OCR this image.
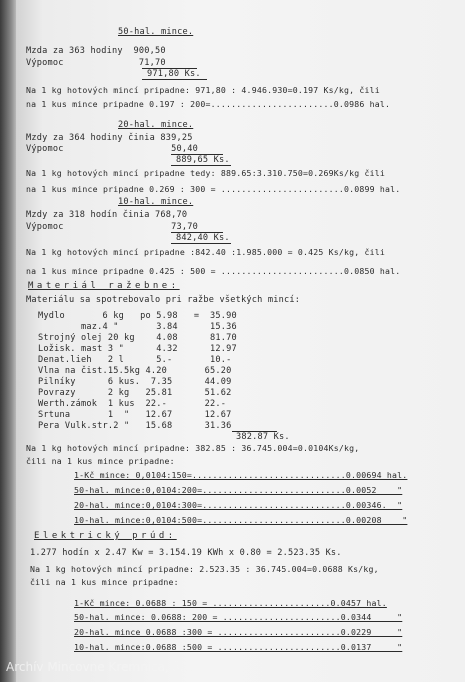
50-hal. mince.
Mzda za 363 hodiny  900,50
Výpomoc              71,70
971,80 Ks.
Na 1 kg hotových mincí pripadne: 971,80 : 4.946.930=0.197 Ks/kg, čili
na 1 kus mince pripadne 0.197 : 200=........................0.0986 hal.
20-hal. mince.
Mzdy za 364 hodiny činia 839,25
Výpomoc                    50,40
889,65 Ks.
Na 1 kg hotových mincí pripadne tedy: 889.65:3.310.750=0.269Ks/kg čili
na 1 kus mince pripadne 0.269 : 300 = ........................0.0899 hal.
10-hal. mince.
Mzdy za 318 hodín činia 768,70
Výpomoc                    73,70
842,40 Ks.
Na 1 kg hotových mincí pripadne :842.40 :1.985.000 = 0.425 Ks/kg, čili
na 1 kus mince pripadne 0.425 : 500 = ........................0.0850 hal.
Materiál ražebne:
Materiálu sa spotrebovalo pri ražbe všetkých mincí:
Mydlo       6 kg   po 5.98   =  35.90
maz.4 "       3.84      15.36
Strojný olej 20 kg    4.08      81.70
Ložisk. mast 3 "      4.32      12.97
Denat.lieh   2 l      5.-       10.-
Vlna na čist.15.5kg 4.20       65.20
Pilníky      6 kus.  7.35      44.09
Povrazy      2 kg   25.81      51.62
Werth.zámok  1 kus  22.-       22.-
Srtuna       1  "   12.67      12.67
Pera Vulk.str.2 "   15.68      31.36
382.87 Ks.
Na 1 kg hotových mincí pripadne: 382.85 : 36.745.004=0.0104Ks/kg,
čili na 1 kus mince pripadne:
1-Kč mince: 0,0104:150=..............................0.00694 hal.
50-hal. mince:0,0104:200=............................0.0052    "
20-hal. mince:0,0104:300=............................0.00346.  "
10-hal. mince:0,0104:500=............................0.00208    "
Elektrický prúd:
1.277 hodín x 2.47 Kw = 3.154.19 KWh x 0.80 = 2.523.35 Ks.
Na 1 kg hotových mincí pripadne: 2.523.35 : 36.745.004=0.0688 Ks/kg,
čili na 1 kus mince pripadne:
1-Kč mince: 0.0688 : 150 = .......................0.0457 hal.
50-hal. mince: 0.0688: 200 = .......................0.0344     "
20-hal. mince 0.0688 :300 = ........................0.0229     "
10-hal. mince:0.0688 :500 = ........................0.0137     "
Archív Mincovne Kremnica, š.p.
